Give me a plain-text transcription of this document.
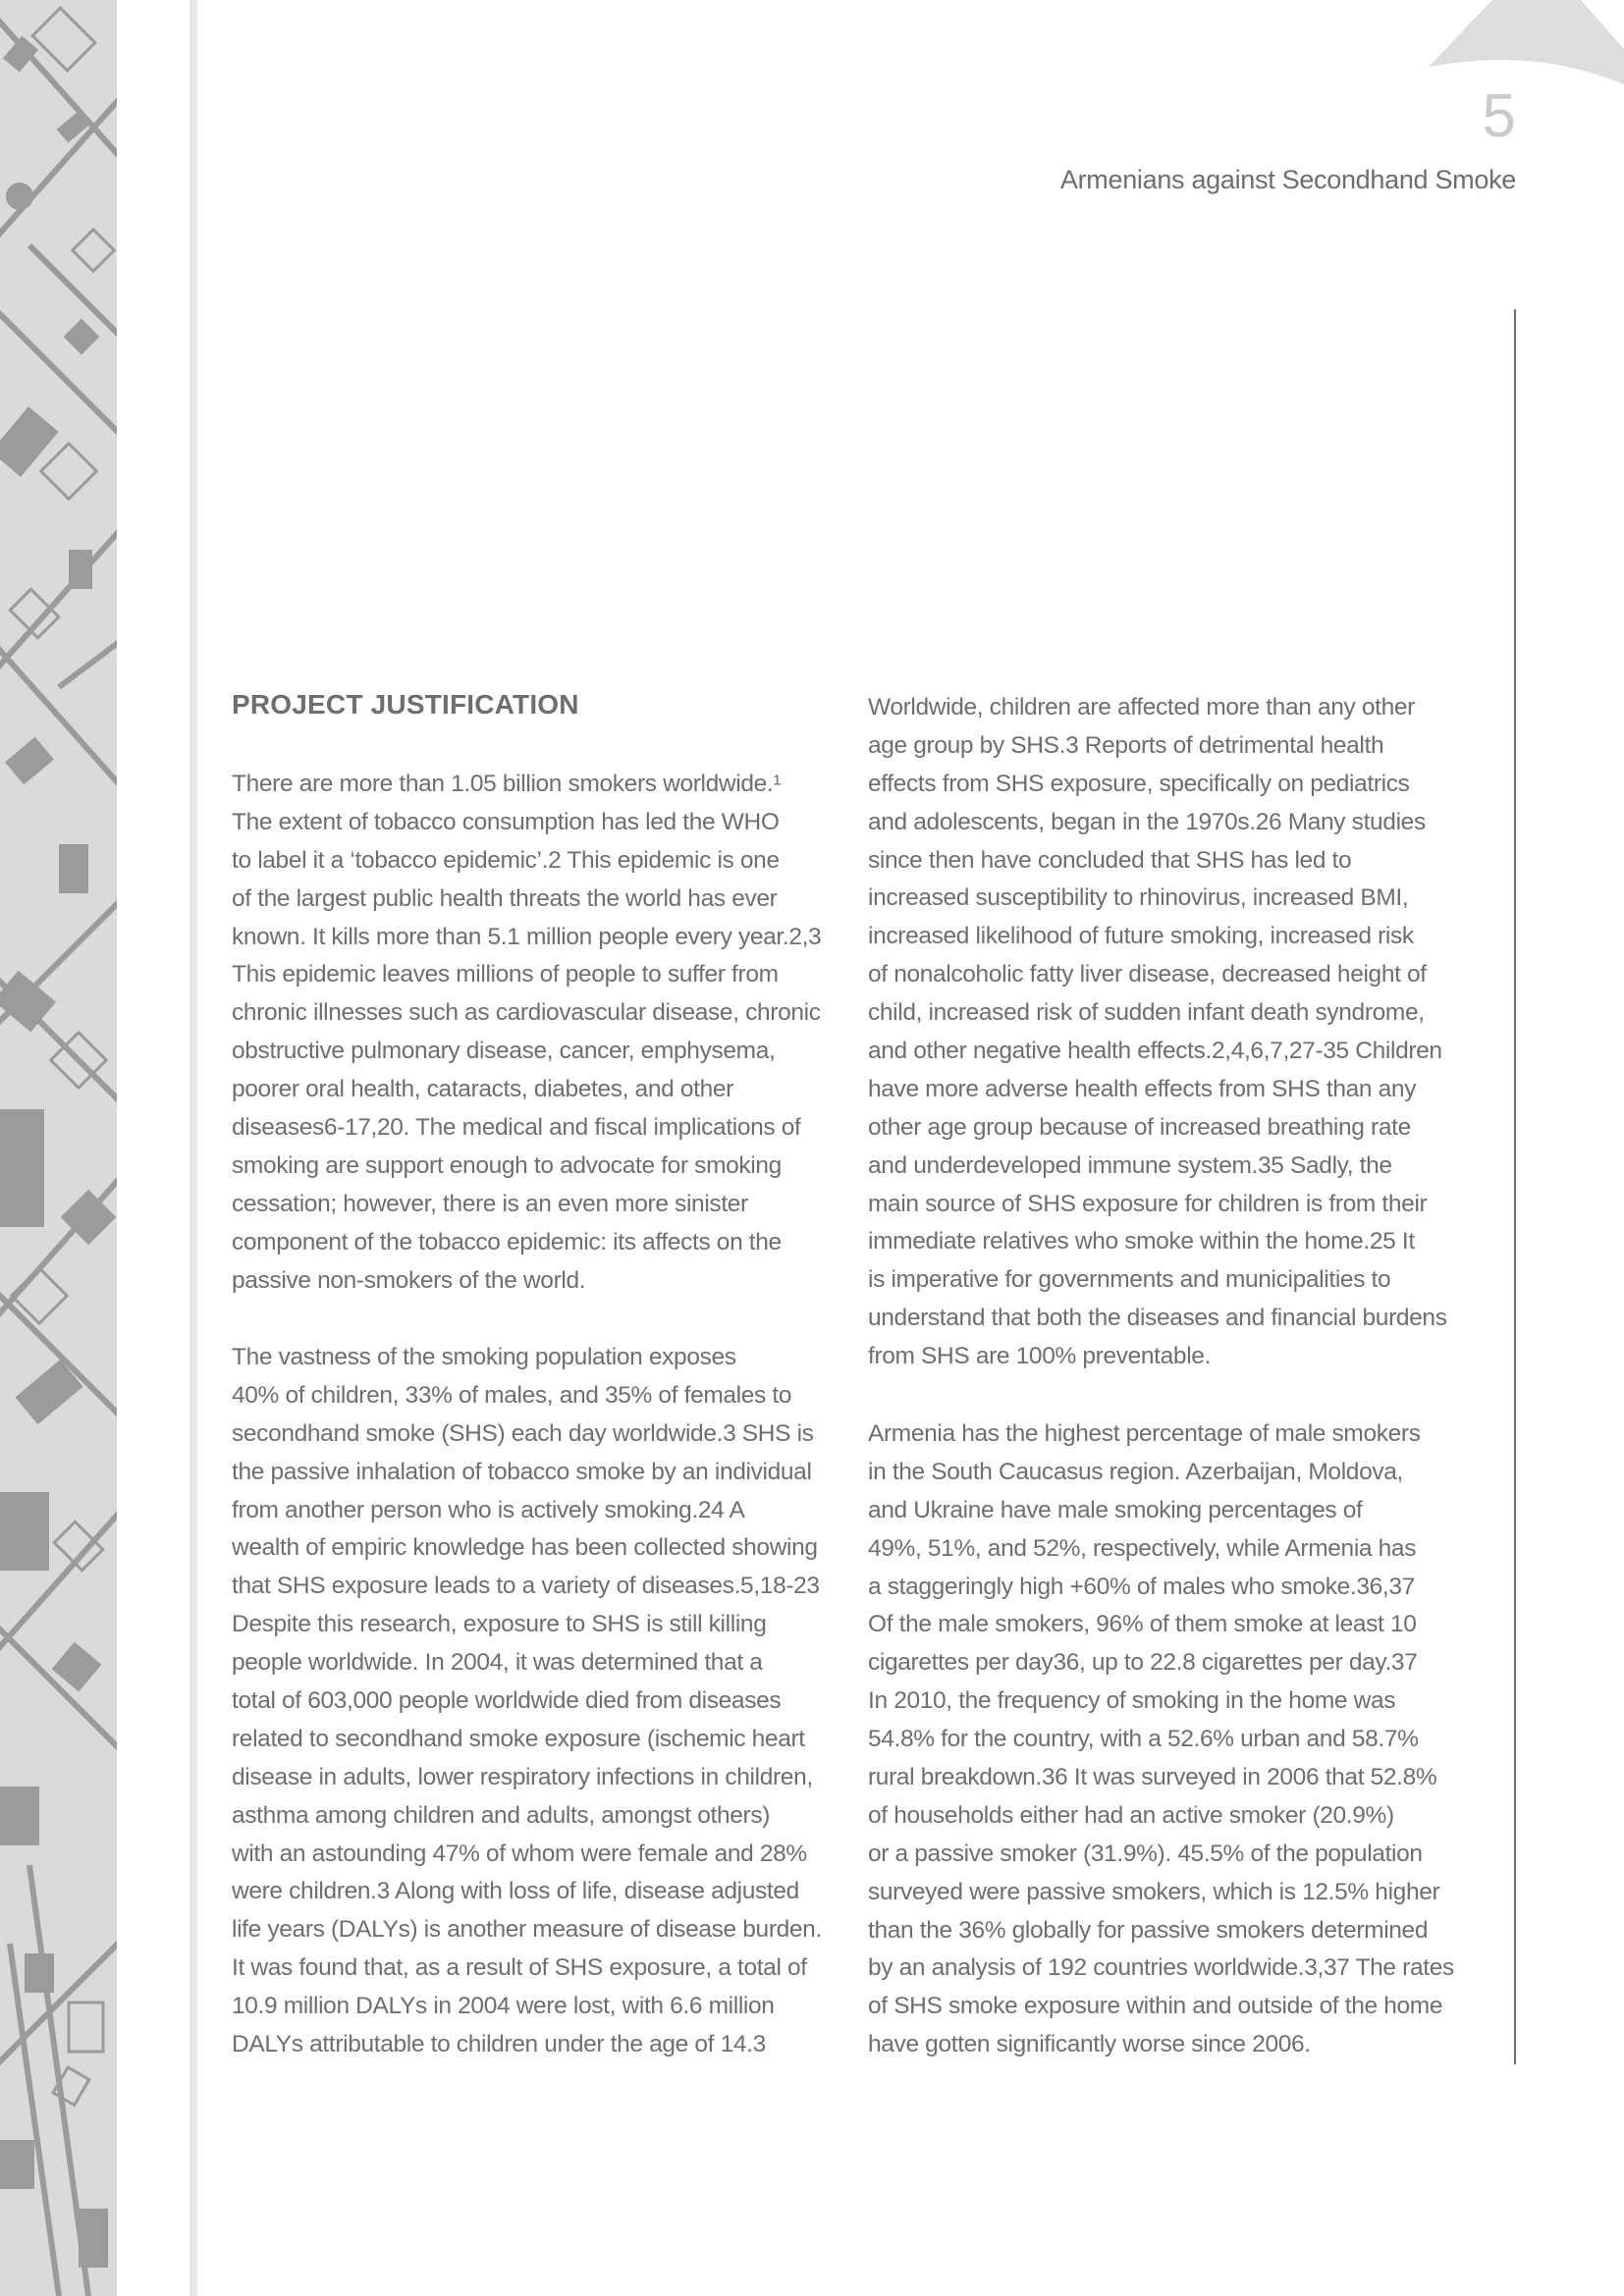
5
Armenians against Secondhand Smoke
PROJECT JUSTIFICATION
There are more than 1.05 billion smokers worldwide.¹
The extent of tobacco consumption has led the WHO
to label it a ‘tobacco epidemic’.2 This epidemic is one
of the largest public health threats the world has ever
known. It kills more than 5.1 million people every year.2,3
This epidemic leaves millions of people to suffer from
chronic illnesses such as cardiovascular disease, chronic
obstructive pulmonary disease, cancer, emphysema,
poorer oral health, cataracts, diabetes, and other
diseases6-17,20. The medical and fiscal implications of
smoking are support enough to advocate for smoking
cessation; however, there is an even more sinister
component of the tobacco epidemic: its affects on the
passive non-smokers of the world.
The vastness of the smoking population exposes
40% of children, 33% of males, and 35% of females to
secondhand smoke (SHS) each day worldwide.3 SHS is
the passive inhalation of tobacco smoke by an individual
from another person who is actively smoking.24 A
wealth of empiric knowledge has been collected showing
that SHS exposure leads to a variety of diseases.5,18-23
Despite this research, exposure to SHS is still killing
people worldwide. In 2004, it was determined that a
total of 603,000 people worldwide died from diseases
related to secondhand smoke exposure (ischemic heart
disease in adults, lower respiratory infections in children,
asthma among children and adults, amongst others)
with an astounding 47% of whom were female and 28%
were children.3 Along with loss of life, disease adjusted
life years (DALYs) is another measure of disease burden.
It was found that, as a result of SHS exposure, a total of
10.9 million DALYs in 2004 were lost, with 6.6 million
DALYs attributable to children under the age of 14.3
Worldwide, children are affected more than any other
age group by SHS.3 Reports of detrimental health
effects from SHS exposure, specifically on pediatrics
and adolescents, began in the 1970s.26 Many studies
since then have concluded that SHS has led to
increased susceptibility to rhinovirus, increased BMI,
increased likelihood of future smoking, increased risk
of nonalcoholic fatty liver disease, decreased height of
child, increased risk of sudden infant death syndrome,
and other negative health effects.2,4,6,7,27-35 Children
have more adverse health effects from SHS than any
other age group because of increased breathing rate
and underdeveloped immune system.35 Sadly, the
main source of SHS exposure for children is from their
immediate relatives who smoke within the home.25 It
is imperative for governments and municipalities to
understand that both the diseases and financial burdens
from SHS are 100% preventable.
Armenia has the highest percentage of male smokers
in the South Caucasus region. Azerbaijan, Moldova,
and Ukraine have male smoking percentages of
49%, 51%, and 52%, respectively, while Armenia has
a staggeringly high +60% of males who smoke.36,37
Of the male smokers, 96% of them smoke at least 10
cigarettes per day36, up to 22.8 cigarettes per day.37
In 2010, the frequency of smoking in the home was
54.8% for the country, with a 52.6% urban and 58.7%
rural breakdown.36 It was surveyed in 2006 that 52.8%
of households either had an active smoker (20.9%)
or a passive smoker (31.9%). 45.5% of the population
surveyed were passive smokers, which is 12.5% higher
than the 36% globally for passive smokers determined
by an analysis of 192 countries worldwide.3,37 The rates
of SHS smoke exposure within and outside of the home
have gotten significantly worse since 2006.
